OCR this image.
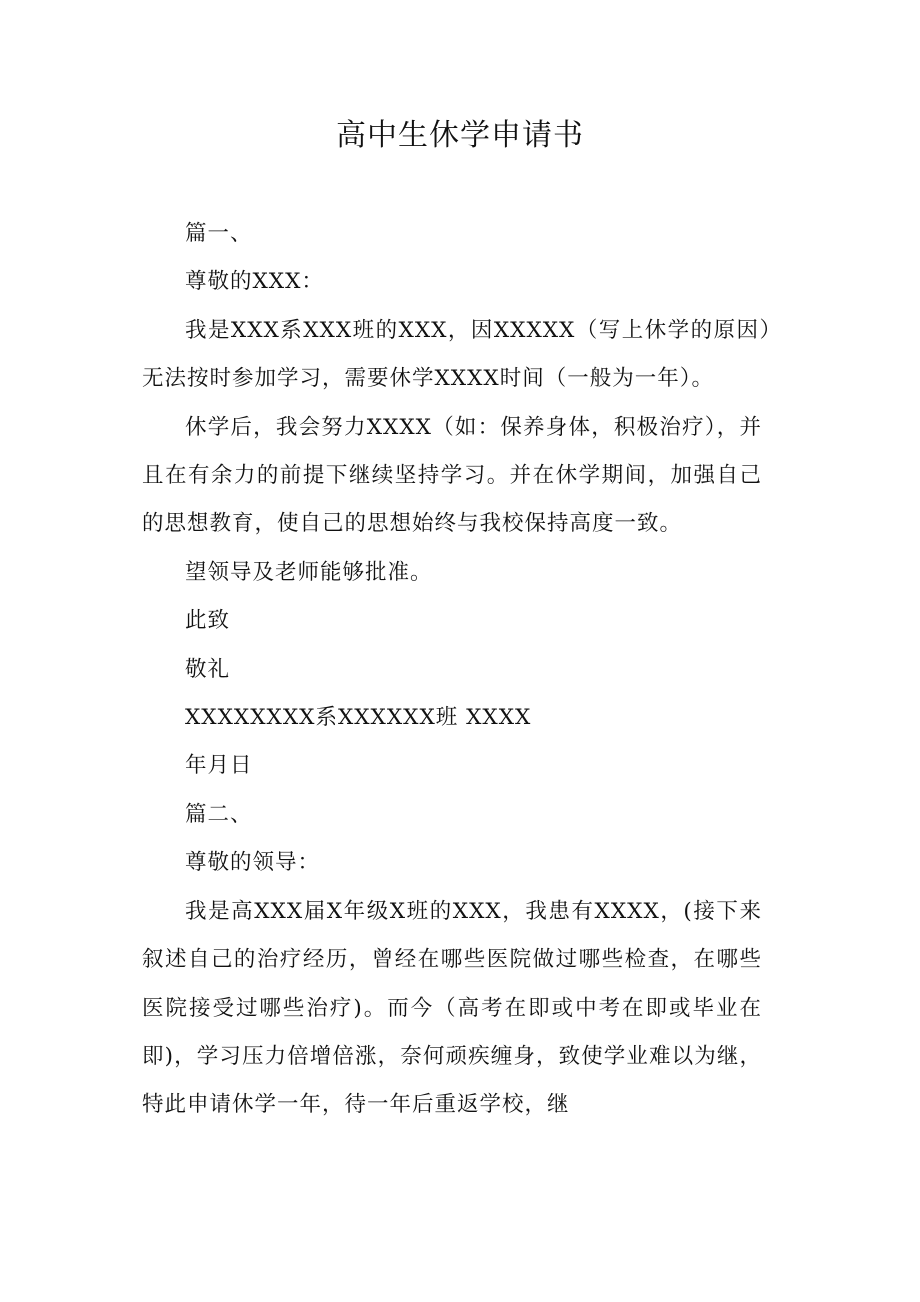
高中生休学申请书

篇一、

尊敬的XXX：

我是XXX系XXX班的XXX，因XXXXX（写上休学的原因）无法按时参加学习，需要休学XXXX时间（一般为一年）。

休学后，我会努力XXXX（如：保养身体，积极治疗），并且在有余力的前提下继续坚持学习。并在休学期间，加强自己的思想教育，使自己的思想始终与我校保持高度一致。

望领导及老师能够批准。

此致

敬礼

XXXXXXXX系XXXXXX班 XXXX

年月日

篇二、

尊敬的领导：

我是高XXX届X年级X班的XXX，我患有XXXX，(接下来叙述自己的治疗经历，曾经在哪些医院做过哪些检查，在哪些医院接受过哪些治疗)。而今（高考在即或中考在即或毕业在即)，学习压力倍增倍涨，奈何顽疾缠身，致使学业难以为继，特此申请休学一年，待一年后重返学校，继
